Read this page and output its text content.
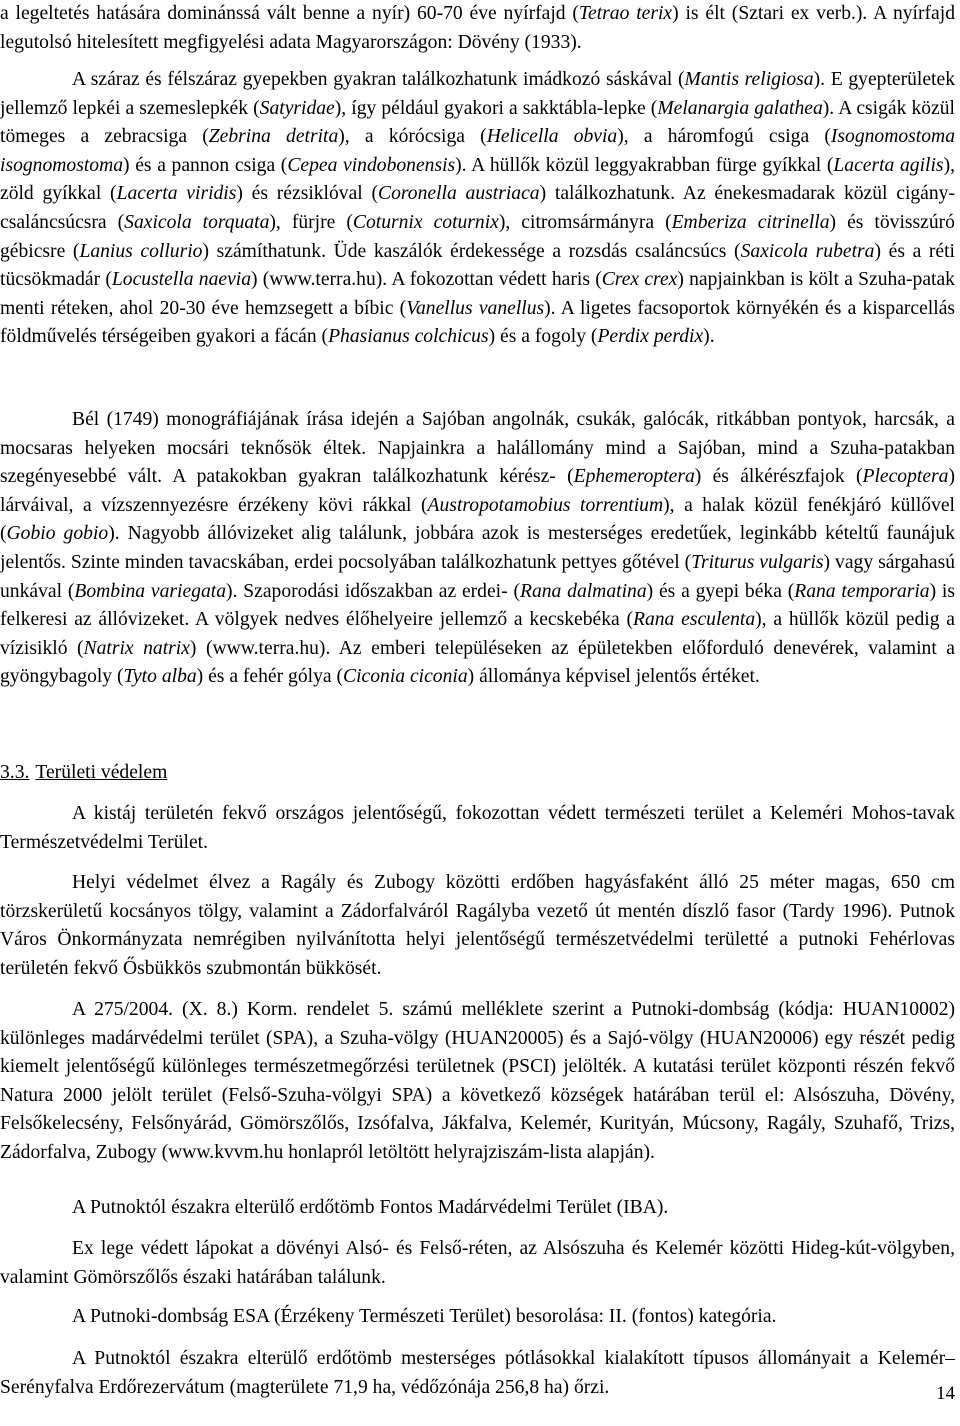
a legeltetés hatására dominánssá vált benne a nyír) 60-70 éve nyírfajd (Tetrao terix) is élt (Sztari ex verb.). A nyírfajd legutolsó hitelesített megfigyelési adata Magyarországon: Dövény (1933).

A száraz és félszáraz gyepekben gyakran találkozhatunk imádkozó sáskával (Mantis religiosa). E gyepterületek jellemző lepkéi a szemeslepkék (Satyridae), így például gyakori a sakktábla-lepke (Melanargia galathea). A csigák közül tömeges a zebracsiga (Zebrina detrita), a kórócsiga (Helicella obvia), a háromfogú csiga (Isognomostoma isognomostoma) és a pannon csiga (Cepea vindobonensis). A hüllők közül leggyakrabban fürge gyíkkal (Lacerta agilis), zöld gyíkkal (Lacerta viridis) és rézsiklóval (Coronella austriaca) találkozhatunk. Az énekesmadarak közül cigány-csaláncsúcsra (Saxicola torquata), fürjre (Coturnix coturnix), citromsármányra (Emberiza citrinella) és tövisszúró gébicsre (Lanius collurio) számíthatunk. Üde kaszálók érdekessége a rozsdás csaláncsúcs (Saxicola rubetra) és a réti tücsökmadár (Locustella naevia) (www.terra.hu). A fokozottan védett haris (Crex crex) napjainkban is költ a Szuha-patak menti réteken, ahol 20-30 éve hemzsegett a bíbic (Vanellus vanellus). A ligetes facsoportok környékén és a kisparcellás földművelés térségeiben gyakori a fácán (Phasianus colchicus) és a fogoly (Perdix perdix).

Bél (1749) monográfiájának írása idején a Sajóban angolnák, csukák, galócák, ritkábban pontyok, harcsák, a mocsaras helyeken mocsári teknősök éltek. Napjainkra a halállomány mind a Sajóban, mind a Szuha-patakban szegényesebbé vált. A patakokban gyakran találkozhatunk kérész- (Ephemeroptera) és álkérészfajok (Plecoptera) lárváival, a vízszennyezésre érzékeny kövi rákkal (Austropotamobius torrentium), a halak közül fenékjáró küllővel (Gobio gobio). Nagyobb állóvizeket alig találunk, jobbára azok is mesterséges eredetűek, leginkább kételtű faunájuk jelentős. Szinte minden tavacskában, erdei pocsolyában találkozhatunk pettyes gőtével (Triturus vulgaris) vagy sárgahasú unkával (Bombina variegata). Szaporodási időszakban az erdei- (Rana dalmatina) és a gyepi béka (Rana temporaria) is felkeresi az állóvizeket. A völgyek nedves élőhelyeire jellemző a kecskebéka (Rana esculenta), a hüllők közül pedig a vízisikló (Natrix natrix) (www.terra.hu). Az emberi településeken az épületekben előforduló denevérek, valamint a gyöngybagoly (Tyto alba) és a fehér gólya (Ciconia ciconia) állománya képvisel jelentős értéket.

3.3. Területi védelem

A kistáj területén fekvő országos jelentőségű, fokozottan védett természeti terület a Keleméri Mohos-tavak Természetvédelmi Terület.

Helyi védelmet élvez a Ragály és Zubogy közötti erdőben hagyásfaként álló 25 méter magas, 650 cm törzskerületű kocsányos tölgy, valamint a Zádorfalváról Ragályba vezető út mentén díszlő fasor (Tardy 1996). Putnok Város Önkormányzata nemrégiben nyilvánította helyi jelentőségű természetvédelmi területté a putnoki Fehérlovas területén fekvő Ősbükkös szubmontán bükkösét.

A 275/2004. (X. 8.) Korm. rendelet 5. számú melléklete szerint a Putnoki-dombság (kódja: HUAN10002) különleges madárvédelmi terület (SPA), a Szuha-völgy (HUAN20005) és a Sajó-völgy (HUAN20006) egy részét pedig kiemelt jelentőségű különleges természetmegőrzési területnek (PSCI) jelölték. A kutatási terület központi részén fekvő Natura 2000 jelölt terület (Felső-Szuha-völgyi SPA) a következő községek határában terül el: Alsószuha, Dövény, Felsőkelecsény, Felsőnyárád, Gömörszőlős, Izsófalva, Jákfalva, Kelemér, Kurityán, Múcsony, Ragály, Szuhafő, Trizs, Zádorfalva, Zubogy (www.kvvm.hu honlapról letöltött helyrajziszám-lista alapján).

A Putnoktól északra elterülő erdőtömb Fontos Madárvédelmi Terület (IBA).

Ex lege védett lápokat a dövényi Alsó- és Felső-réten, az Alsószuha és Kelemér közötti Hideg-kút-völgyben, valamint Gömörszőlős északi határában találunk.

A Putnoki-dombság ESA (Érzékeny Természeti Terület) besorolása: II. (fontos) kategória.

A Putnoktól északra elterülő erdőtömb mesterséges pótlásokkal kialakított típusos állományait a Kelemér–Serényfalva Erdőrezervátum (magterülete 71,9 ha, védőzónája 256,8 ha) őrzi.	14
